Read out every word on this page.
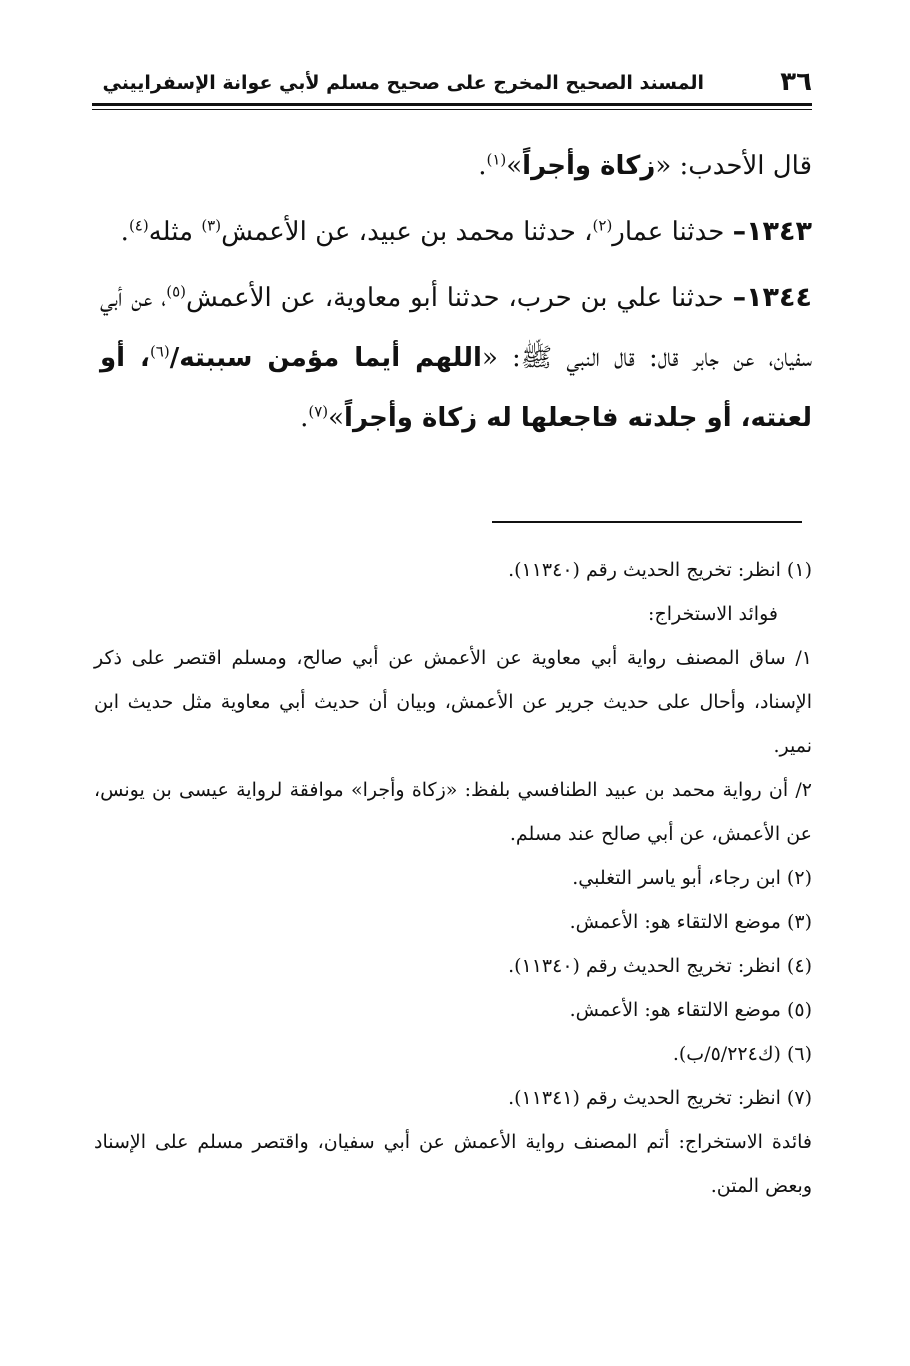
٣٦
المسند الصحيح المخرج على صحيح مسلم لأبي عوانة الإسفراييني

قال الأحدب: «زكاة وأجراً»$^{(١)}$.

١٣٤٣– حدثنا عمار$^{(٢)}$، حدثنا محمد بن عبيد، عن الأعمش$^{(٣)}$ مثله$^{(٤)}$.

١٣٤٤– حدثنا علي بن حرب، حدثنا أبو معاوية، عن الأعمش$^{(٥)}$، عن أبي سفيان، عن جابر قال: قال النبي ﷺ: «اللهم أيما مؤمن سببته/$^{(٦)}$، أو لعنته، أو جلدته فاجعلها له زكاة وأجراً»$^{(٧)}$.

(١) انظر: تخريج الحديث رقم (١١٣٤٠).

فوائد الاستخراج:

١/ ساق المصنف رواية أبي معاوية عن الأعمش عن أبي صالح، ومسلم اقتصر على ذكر الإسناد، وأحال على حديث جرير عن الأعمش، وبيان أن حديث أبي معاوية مثل حديث ابن نمير.

٢/ أن رواية محمد بن عبيد الطنافسي بلفظ: «زكاة وأجرا» موافقة لرواية عيسى بن يونس، عن الأعمش، عن أبي صالح عند مسلم.

(٢) ابن رجاء، أبو ياسر التغلبي.

(٣) موضع الالتقاء هو: الأعمش.

(٤) انظر: تخريج الحديث رقم (١١٣٤٠).

(٥) موضع الالتقاء هو: الأعمش.

(٦) (ك٥/٢٢٤/ب).

(٧) انظر: تخريج الحديث رقم (١١٣٤١).

فائدة الاستخراج: أتم المصنف رواية الأعمش عن أبي سفيان، واقتصر مسلم على الإسناد وبعض المتن.
